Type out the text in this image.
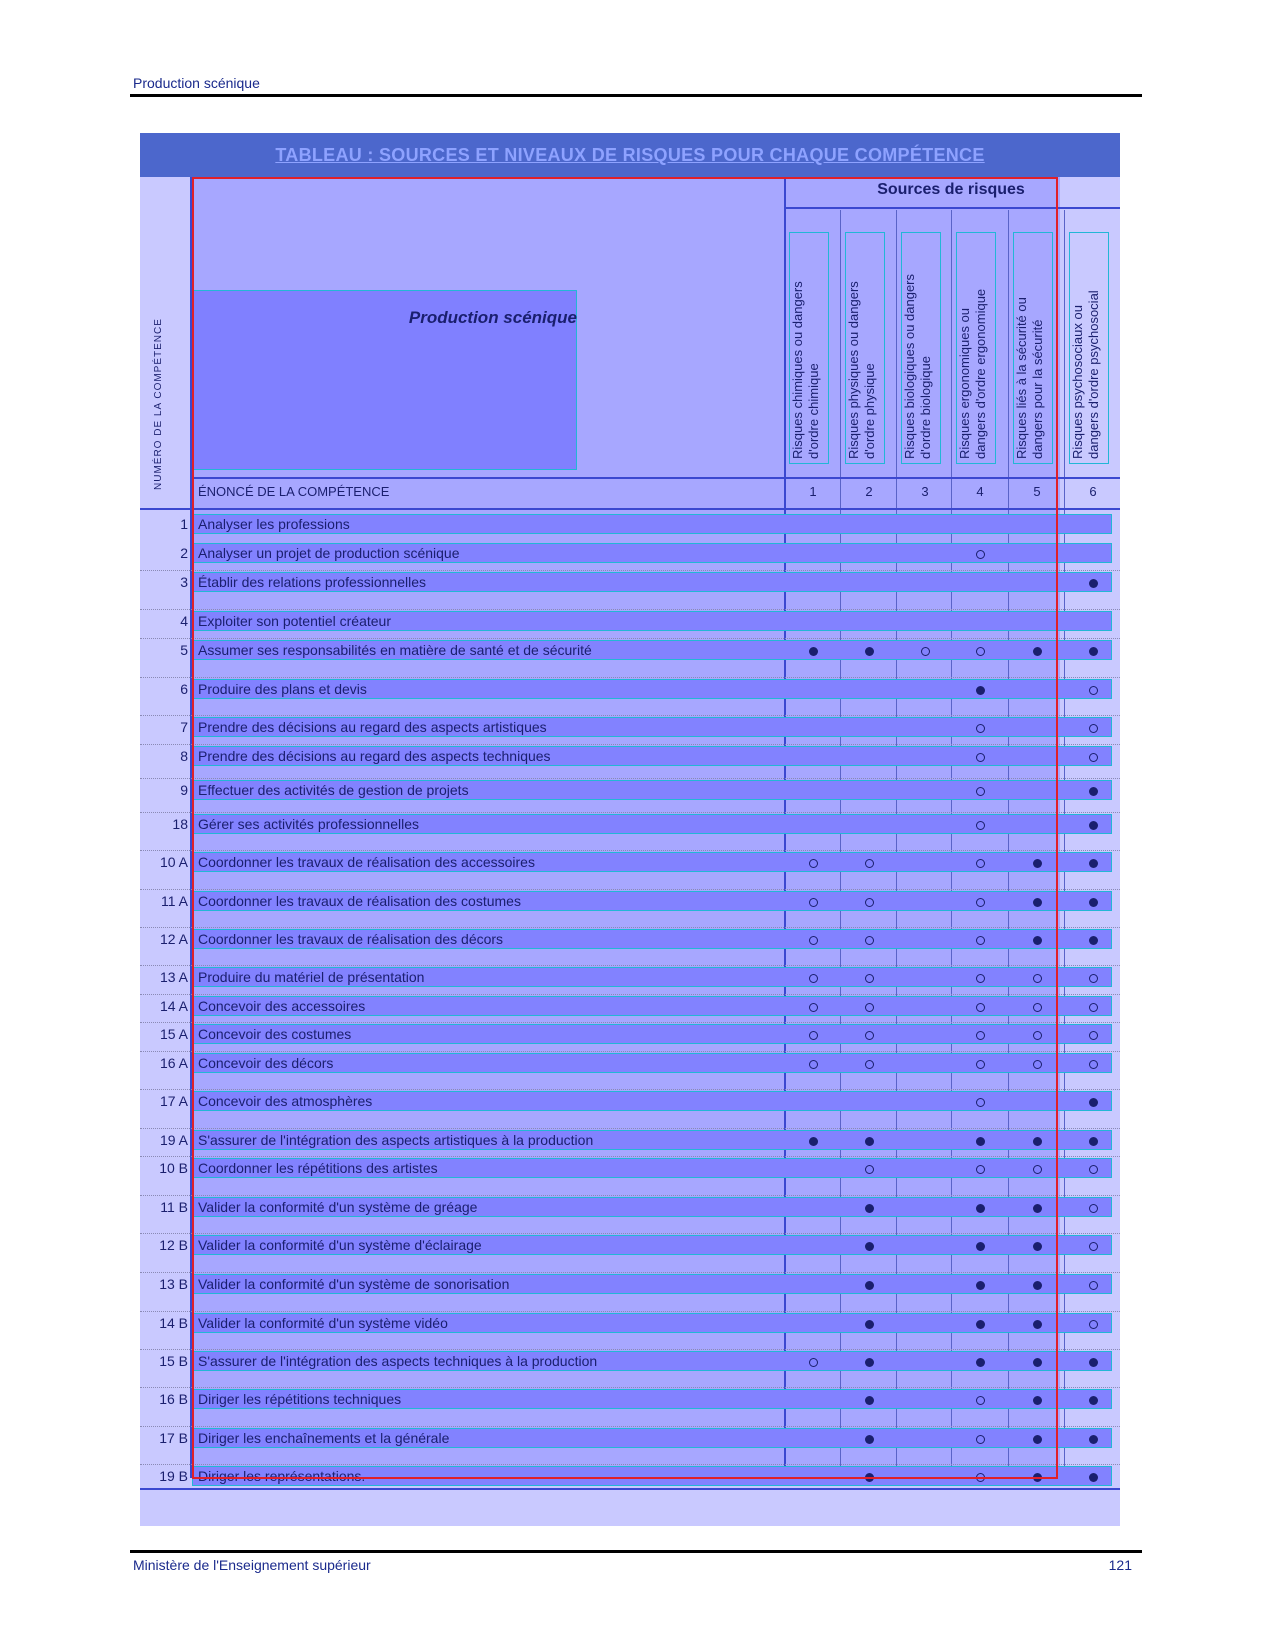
Production scénique
TABLEAU : SOURCES ET NIVEAUX DE RISQUES POUR CHAQUE COMPÉTENCE
Production scénique
NUMÉRO DE LA COMPÉTENCE
Sources de risques
ÉNONCÉ DE LA COMPÉTENCE
Risques chimiques ou dangers
d'ordre chimique
1
Risques physiques ou dangers
d'ordre physique
2
Risques biologiques ou dangers
d'ordre biologique
3
Risques ergonomiques ou
dangers d'ordre ergonomique
4
Risques liés à la sécurité ou
dangers pour la sécurité
5
Risques psychosociaux ou
dangers d'ordre psychosocial
6
1 Analyser les professions
2 Analyser un projet de production scénique
3 Établir des relations professionnelles
4 Exploiter son potentiel créateur
5 Assumer ses responsabilités en matière de santé et de sécurité
6 Produire des plans et devis
7 Prendre des décisions au regard des aspects artistiques
8 Prendre des décisions au regard des aspects techniques
9 Effectuer des activités de gestion de projets
18 Gérer ses activités professionnelles
10 A Coordonner les travaux de réalisation des accessoires
11 A Coordonner les travaux de réalisation des costumes
12 A Coordonner les travaux de réalisation des décors
13 A Produire du matériel de présentation
14 A Concevoir des accessoires
15 A Concevoir des costumes
16 A Concevoir des décors
17 A Concevoir des atmosphères
19 A S'assurer de l'intégration des aspects artistiques à la production
10 B Coordonner les répétitions des artistes
11 B Valider la conformité d'un système de gréage
12 B Valider la conformité d'un système d'éclairage
13 B Valider la conformité d'un système de sonorisation
14 B Valider la conformité d'un système vidéo
15 B S'assurer de l'intégration des aspects techniques à la production
16 B Diriger les répétitions techniques
17 B Diriger les enchaînements et la générale
19 B Diriger les représentations.
Ministère de l'Enseignement supérieur	121
